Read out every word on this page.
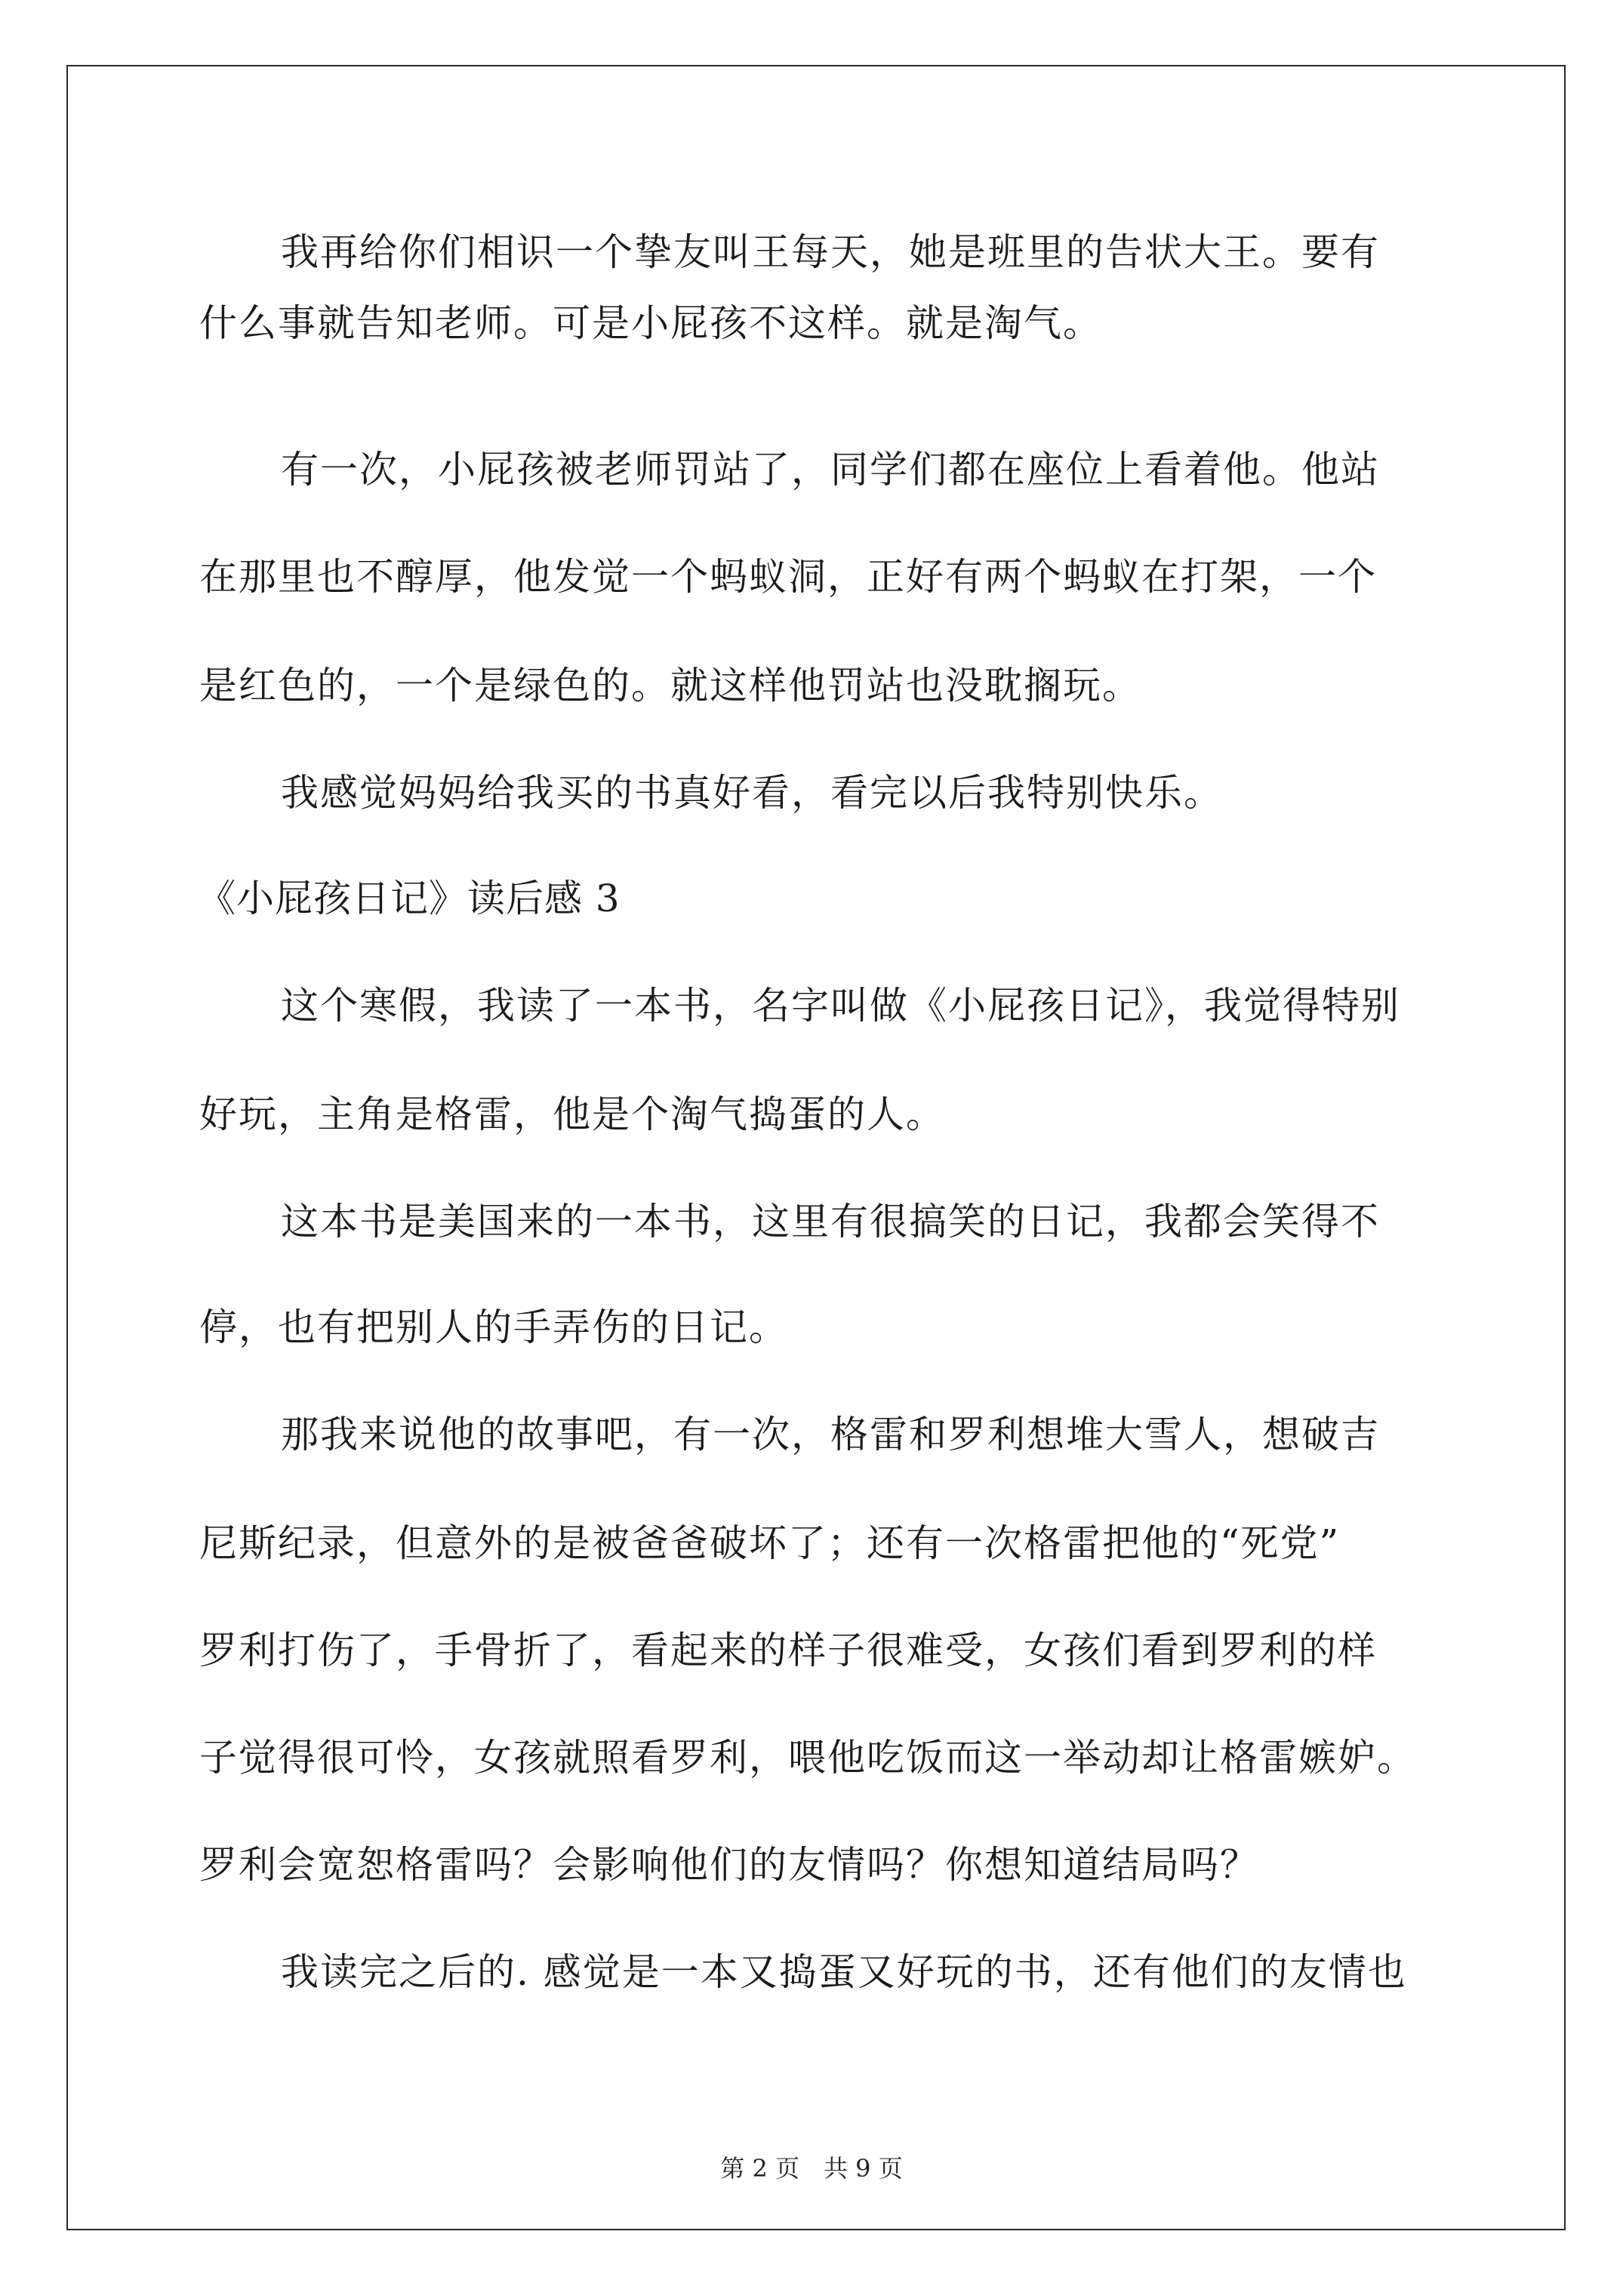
我再给你们相识一个挚友叫王每天，她是班里的告状大王。要有
什么事就告知老师。可是小屁孩不这样。就是淘气。
有一次，小屁孩被老师罚站了，同学们都在座位上看着他。他站
在那里也不醇厚，他发觉一个蚂蚁洞，正好有两个蚂蚁在打架，一个
是红色的，一个是绿色的。就这样他罚站也没耽搁玩。
我感觉妈妈给我买的书真好看，看完以后我特别快乐。
《小屁孩日记》读后感 3
这个寒假，我读了一本书，名字叫做《小屁孩日记》，我觉得特别
好玩，主角是格雷，他是个淘气捣蛋的人。
这本书是美国来的一本书，这里有很搞笑的日记，我都会笑得不
停，也有把别人的手弄伤的日记。
那我来说他的故事吧，有一次，格雷和罗利想堆大雪人，想破吉
尼斯纪录，但意外的是被爸爸破坏了；还有一次格雷把他的“死党”
罗利打伤了，手骨折了，看起来的样子很难受，女孩们看到罗利的样
子觉得很可怜，女孩就照看罗利，喂他吃饭而这一举动却让格雷嫉妒。
罗利会宽恕格雷吗？会影响他们的友情吗？你想知道结局吗？
我读完之后的. 感觉是一本又捣蛋又好玩的书，还有他们的友情也
第 2 页　共 9 页
